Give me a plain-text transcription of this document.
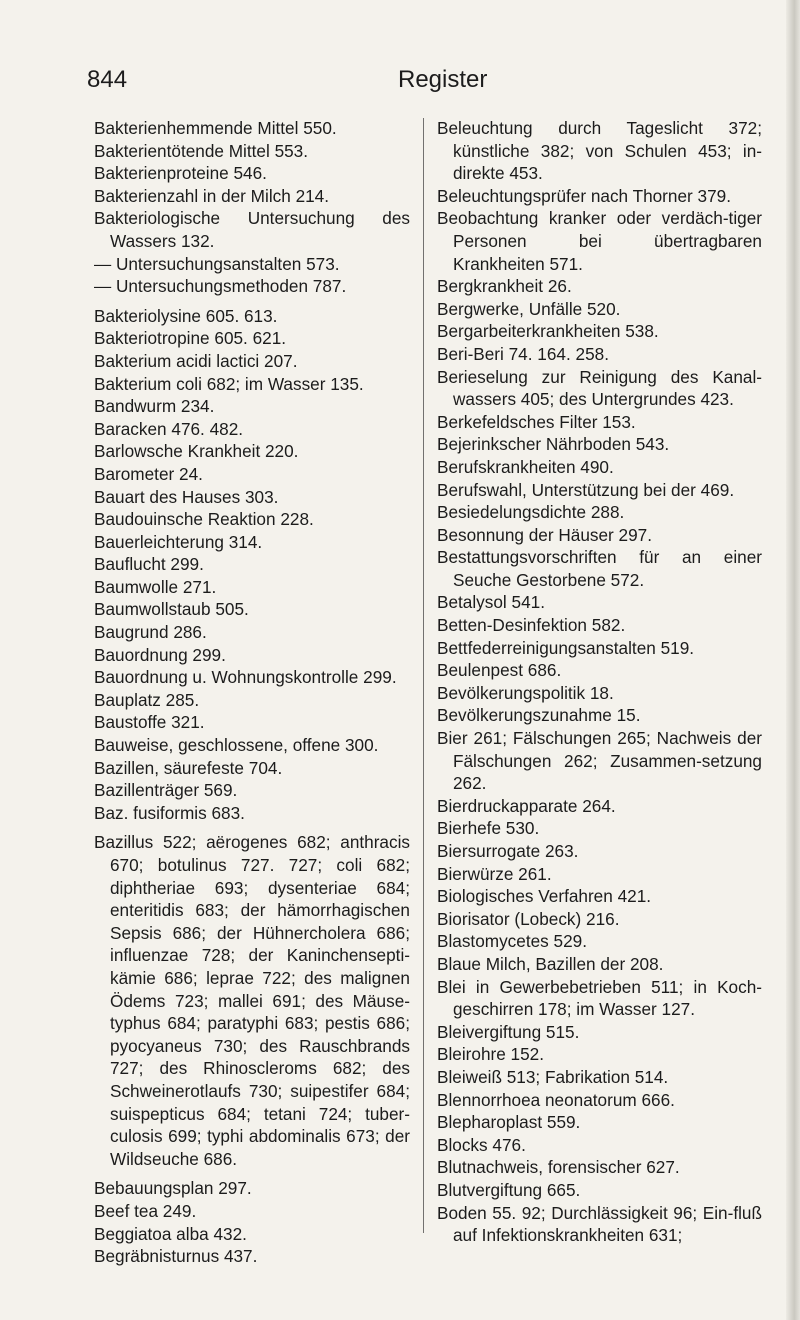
844	Register

Bakterienhemmende Mittel 550.

Bakterientötende Mittel 553.

Bakterienproteine 546.

Bakterienzahl in der Milch 214.

Bakteriologische Untersuchung des Wassers 132.

— Untersuchungsanstalten 573.

— Untersuchungsmethoden 787.

Bakteriolysine 605. 613.

Bakteriotropine 605. 621.

Bakterium acidi lactici 207.

Bakterium coli 682; im Wasser 135.

Bandwurm 234.

Baracken 476. 482.

Barlowsche Krankheit 220.

Barometer 24.

Bauart des Hauses 303.

Baudouinsche Reaktion 228.

Bauerleichterung 314.

Bauflucht 299.

Baumwolle 271.

Baumwollstaub 505.

Baugrund 286.

Bauordnung 299.

Bauordnung u. Wohnungskontrolle 299.

Bauplatz 285.

Baustoffe 321.

Bauweise, geschlossene, offene 300.

Bazillen, säurefeste 704.

Bazillenträger 569.

Baz. fusiformis 683.

Bazillus 522; aërogenes 682; anthracis 670; botulinus 727. 727; coli 682; diphtheriae 693; dysenteriae 684; enteritidis 683; der hämorrhagischen Sepsis 686; der Hühnercholera 686; influenzae 728; der Kaninchensepti-kämie 686; leprae 722; des malignen Ödems 723; mallei 691; des Mäuse-typhus 684; paratyphi 683; pestis 686; pyocyaneus 730; des Rauschbrands 727; des Rhinoscleroms 682; des Schweinerotlaufs 730; suipestifer 684; suispepticus 684; tetani 724; tuber-culosis 699; typhi abdominalis 673; der Wildseuche 686.

Bebauungsplan 297.

Beef tea 249.

Beggiatoa alba 432.

Begräbnisturnus 437.

Beleuchtung durch Tageslicht 372; künstliche 382; von Schulen 453; in-direkte 453.

Beleuchtungsprüfer nach Thorner 379.

Beobachtung kranker oder verdäch-tiger Personen bei übertragbaren Krankheiten 571.

Bergkrankheit 26.

Bergwerke, Unfälle 520.

Bergarbeiterkrankheiten 538.

Beri-Beri 74. 164. 258.

Berieselung zur Reinigung des Kanal-wassers 405; des Untergrundes 423.

Berkefeldsches Filter 153.

Bejerinkscher Nährboden 543.

Berufskrankheiten 490.

Berufswahl, Unterstützung bei der 469.

Besiedelungsdichte 288.

Besonnung der Häuser 297.

Bestattungsvorschriften für an einer Seuche Gestorbene 572.

Betalysol 541.

Betten-Desinfektion 582.

Bettfederreinigungsanstalten 519.

Beulenpest 686.

Bevölkerungspolitik 18.

Bevölkerungszunahme 15.

Bier 261; Fälschungen 265; Nachweis der Fälschungen 262; Zusammen-setzung 262.

Bierdruckapparate 264.

Bierhefe 530.

Biersurrogate 263.

Bierwürze 261.

Biologisches Verfahren 421.

Biorisator (Lobeck) 216.

Blastomycetes 529.

Blaue Milch, Bazillen der 208.

Blei in Gewerbebetrieben 511; in Koch-geschirren 178; im Wasser 127.

Bleivergiftung 515.

Bleirohre 152.

Bleiweiß 513; Fabrikation 514.

Blennorrhoea neonatorum 666.

Blepharoplast 559.

Blocks 476.

Blutnachweis, forensischer 627.

Blutvergiftung 665.

Boden 55. 92; Durchlässigkeit 96; Ein-fluß auf Infektionskrankheiten 631;
